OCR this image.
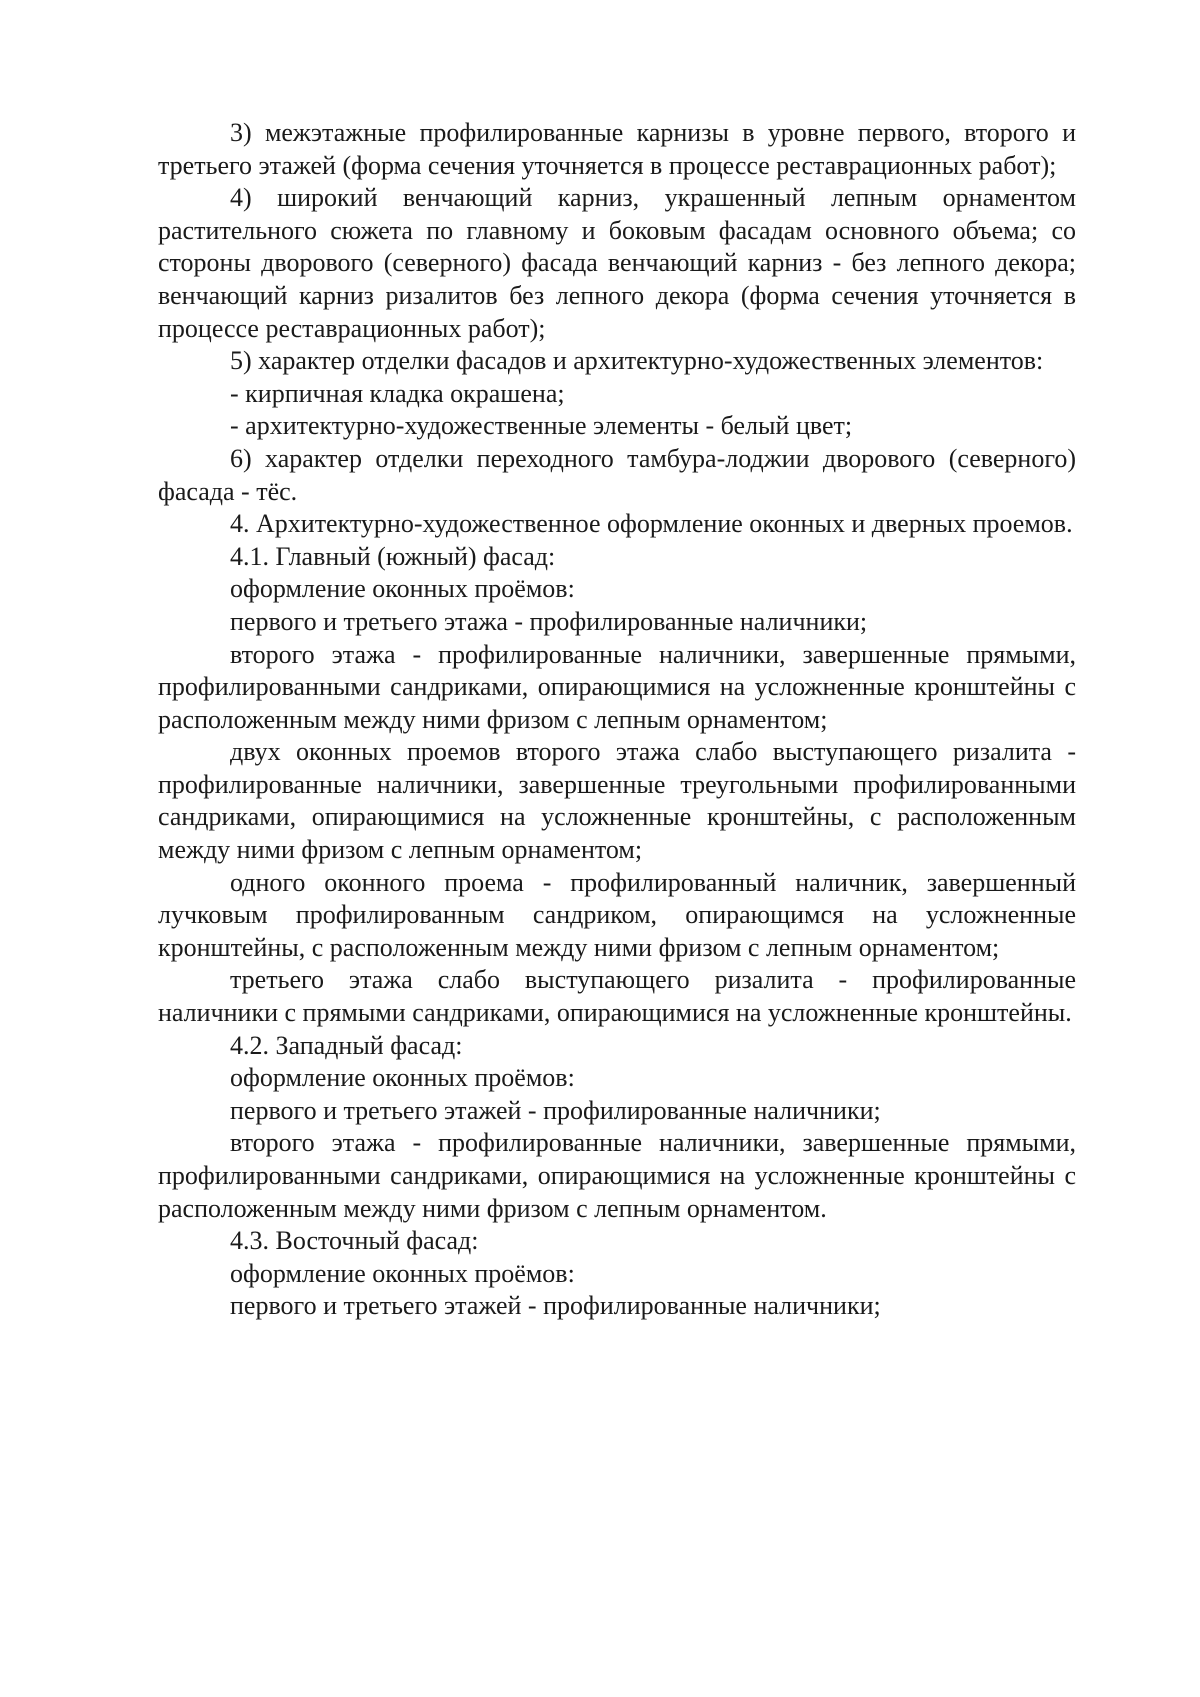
3) межэтажные профилированные карнизы в уровне первого, второго и третьего этажей (форма сечения уточняется в процессе реставрационных работ);

4) широкий венчающий карниз, украшенный лепным орнаментом растительного сюжета по главному и боковым фасадам основного объема; со стороны дворового (северного) фасада венчающий карниз - без лепного декора; венчающий карниз ризалитов без лепного декора (форма сечения уточняется в процессе реставрационных работ);

5) характер отделки фасадов и архитектурно-художественных элементов:

- кирпичная кладка окрашена;

- архитектурно-художественные элементы - белый цвет;

6) характер отделки переходного тамбура-лоджии дворового (северного) фасада - тёс.

4. Архитектурно-художественное оформление оконных и дверных проемов.

4.1. Главный (южный) фасад:

оформление оконных проёмов:

первого и третьего этажа - профилированные наличники;

второго этажа - профилированные наличники, завершенные прямыми, профилированными сандриками, опирающимися на усложненные кронштейны с расположенным между ними фризом с лепным орнаментом;

двух оконных проемов второго этажа слабо выступающего ризалита - профилированные наличники, завершенные треугольными профилированными сандриками, опирающимися на усложненные кронштейны, с расположенным между ними фризом с лепным орнаментом;

одного оконного проема - профилированный наличник, завершенный лучковым профилированным сандриком, опирающимся на усложненные кронштейны, с расположенным между ними фризом с лепным орнаментом;

третьего этажа слабо выступающего ризалита - профилированные наличники с прямыми сандриками, опирающимися на усложненные кронштейны.

4.2. Западный фасад:

оформление оконных проёмов:

первого и третьего этажей - профилированные наличники;

второго этажа - профилированные наличники, завершенные прямыми, профилированными сандриками, опирающимися на усложненные кронштейны с расположенным между ними фризом с лепным орнаментом.

4.3. Восточный фасад:

оформление оконных проёмов:

первого и третьего этажей - профилированные наличники;
